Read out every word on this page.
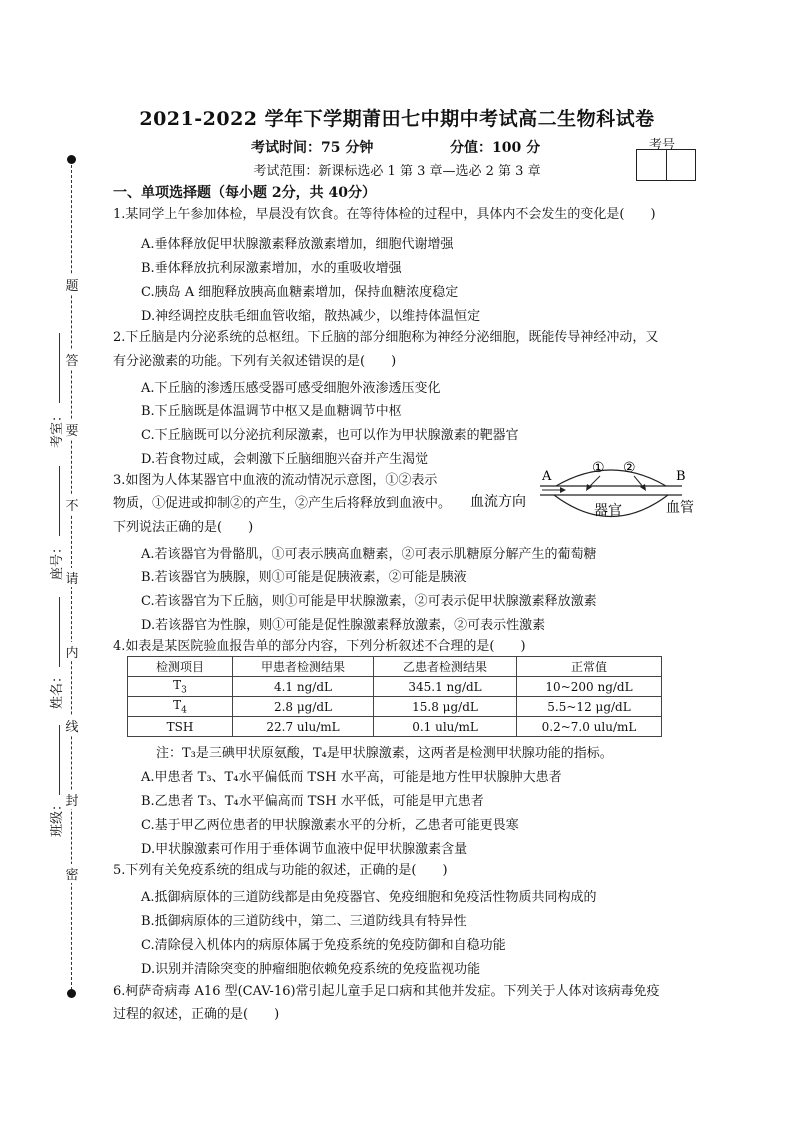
2021-2022 学年下学期莆田七中期中考试高二生物科试卷
考试时间：75 分钟	分值：100 分
考试范围：新课标选必 1 第 3 章—选必 2 第 3 章
考号
题
答
要
不
请
内
线
封
密
考室：
座号：
姓名：
班级：
一、单项选择题（每小题 2分，共 40分）
1.某同学上午参加体检，早晨没有饮食。在等待体检的过程中，具体内不会发生的变化是(　　)
A.垂体释放促甲状腺激素释放激素增加，细胞代谢增强
B.垂体释放抗利尿激素增加，水的重吸收增强
C.胰岛 A 细胞释放胰高血糖素增加，保持血糖浓度稳定
D.神经调控皮肤毛细血管收缩，散热减少，以维持体温恒定
2.下丘脑是内分泌系统的总枢纽。下丘脑的部分细胞称为神经分泌细胞，既能传导神经冲动，又
有分泌激素的功能。下列有关叙述错误的是(　　)
A.下丘脑的渗透压感受器可感受细胞外液渗透压变化
B.下丘脑既是体温调节中枢又是血糖调节中枢
C.下丘脑既可以分泌抗利尿激素，也可以作为甲状腺激素的靶器官
D.若食物过咸，会刺激下丘脑细胞兴奋并产生渴觉
3.如图为人体某器官中血液的流动情况示意图，①②表示
物质，①促进或抑制②的产生，②产生后将释放到血液中。
下列说法正确的是(　　)
A	B
① ②
血流方向
器官	血管
A.若该器官为骨骼肌，①可表示胰高血糖素，②可表示肌糖原分解产生的葡萄糖
B.若该器官为胰腺，则①可能是促胰液素，②可能是胰液
C.若该器官为下丘脑，则①可能是甲状腺激素，②可表示促甲状腺激素释放激素
D.若该器官为性腺，则①可能是促性腺激素释放激素，②可表示性激素
4.如表是某医院验血报告单的部分内容，下列分析叙述不合理的是(　　)
检测项目	甲患者检测结果	乙患者检测结果	正常值
$T_3$	4.1 ng/dL	345.1 ng/dL	10~200 ng/dL
$T_4$	2.8 μg/dL	15.8 μg/dL	5.5~12 μg/dL
TSH	22.7 ulu/mL	0.1 ulu/mL	0.2~7.0 ulu/mL
注：T₃是三碘甲状原氨酸，T₄是甲状腺激素，这两者是检测甲状腺功能的指标。
A.甲患者 T₃、T₄水平偏低而 TSH 水平高，可能是地方性甲状腺肿大患者
B.乙患者 T₃、T₄水平偏高而 TSH 水平低，可能是甲亢患者
C.基于甲乙两位患者的甲状腺激素水平的分析，乙患者可能更畏寒
D.甲状腺激素可作用于垂体调节血液中促甲状腺激素含量
5.下列有关免疫系统的组成与功能的叙述，正确的是(　　)
A.抵御病原体的三道防线都是由免疫器官、免疫细胞和免疫活性物质共同构成的
B.抵御病原体的三道防线中，第二、三道防线具有特异性
C.清除侵入机体内的病原体属于免疫系统的免疫防御和自稳功能
D.识别并清除突变的肿瘤细胞依赖免疫系统的免疫监视功能
6.柯萨奇病毒 A16 型(CAV-16)常引起儿童手足口病和其他并发症。下列关于人体对该病毒免疫
过程的叙述，正确的是(　　)
